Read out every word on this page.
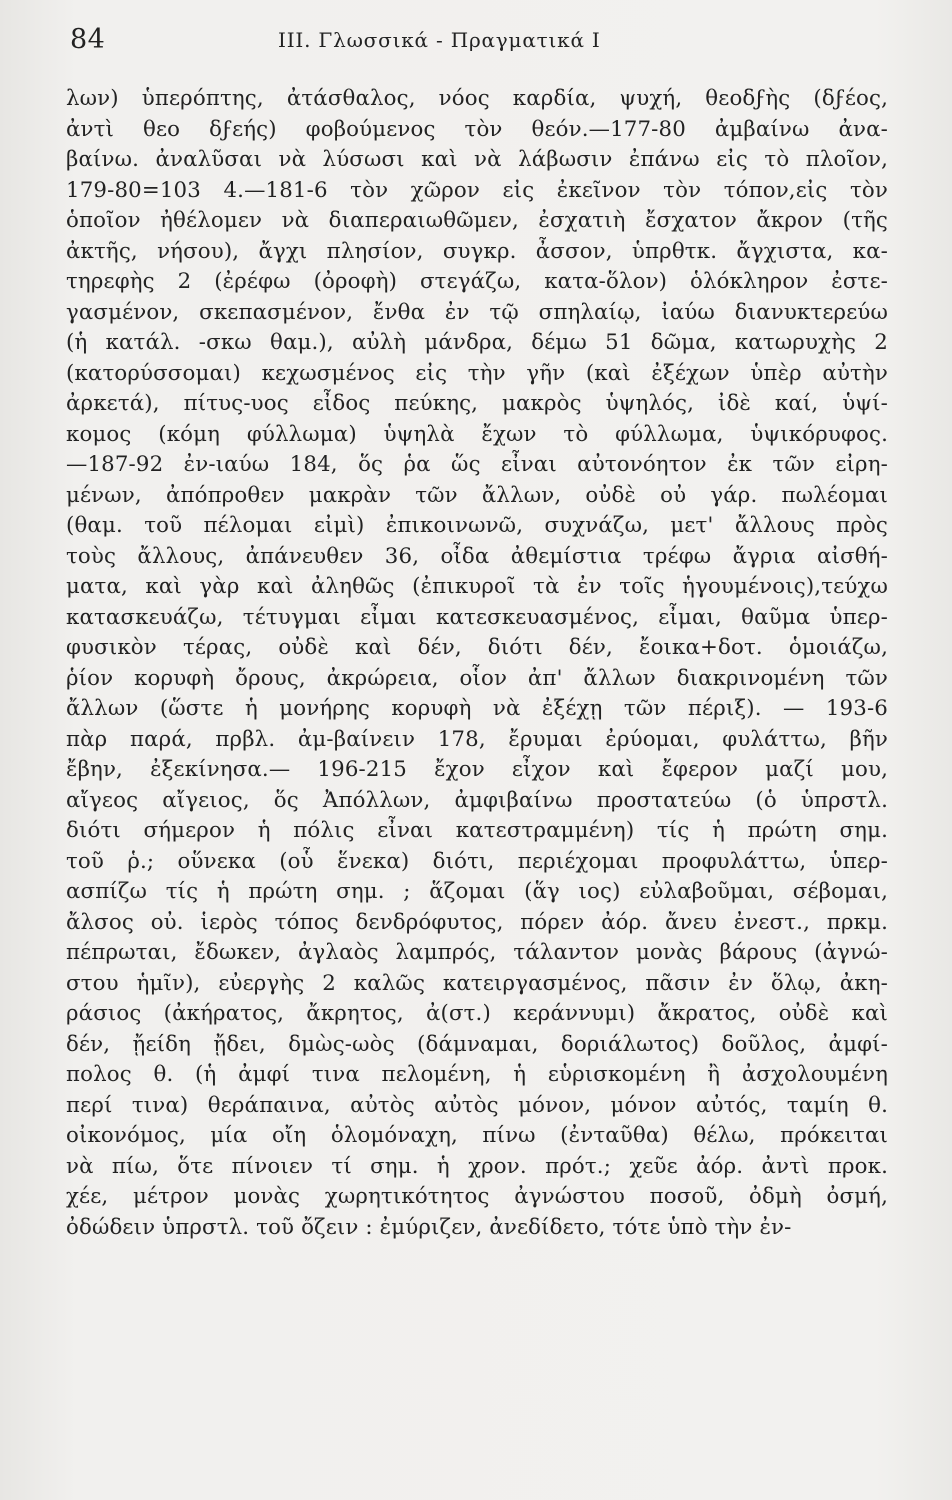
84	III. Γλωσσικά - Πραγματικά I
λων) ὑπερόπτης, ἀτάσθαλος, νόος καρδία, ψυχή, θεοδϝὴς (δϝέος,
ἀντὶ θεο δϝεής) φοβούμενος τὸν θεόν.—177-80 ἀμβαίνω ἀνα-
βαίνω. ἀναλῦσαι νὰ λύσωσι καὶ νὰ λάβωσιν ἐπάνω εἰς τὸ πλοῖον,
179-80=103 4.—181-6 τὸν χῶρον εἰς ἐκεῖνον τὸν τόπον,εἰς τὸν
ὁποῖον ἠθέλομεν νὰ διαπεραιωθῶμεν, ἐσχατιὴ ἔσχατον ἄκρον (τῆς
ἀκτῆς, νήσου), ἄγχι πλησίον, συγκρ. ἆσσον, ὑπρθτκ. ἄγχιστα, κα-
τηρεφὴς 2 (ἐρέφω (ὀροφὴ) στεγάζω, κατα-ὅλον) ὁλόκληρον ἐστε-
γασμένον, σκεπασμένον, ἔνθα ἐν τῷ σπηλαίῳ, ἰαύω διανυκτερεύω
(ἡ κατάλ. -σκω θαμ.), αὐλὴ μάνδρα, δέμω 51 δῶμα, κατωρυχὴς 2
(κατορύσσομαι) κεχωσμένος εἰς τὴν γῆν (καὶ ἐξέχων ὑπὲρ αὐτὴν
ἀρκετά), πίτυς-υος εἶδος πεύκης, μακρὸς ὑψηλός, ἰδὲ καί, ὑψί-
κομος (κόμη φύλλωμα) ὑψηλὰ ἔχων τὸ φύλλωμα, ὑψικόρυφος.
—187-92 ἐν-ιαύω 184, ὅς ῥα ὥς εἶναι αὐτονόητον ἐκ τῶν εἰρη-
μένων, ἀπόπροθεν μακρὰν τῶν ἄλλων, οὐδὲ οὐ γάρ. πωλέομαι
(θαμ. τοῦ πέλομαι εἰμὶ) ἐπικοινωνῶ, συχνάζω, μετ' ἄλλους πρὸς
τοὺς ἄλλους, ἀπάνευθεν 36, οἶδα ἀθεμίστια τρέφω ἄγρια αἰσθή-
ματα, καὶ γὰρ καὶ ἀληθῶς (ἐπικυροῖ τὰ ἐν τοῖς ἡγουμένοις),τεύχω
κατασκευάζω, τέτυγμαι εἶμαι κατεσκευασμένος, εἶμαι, θαῦμα ὑπερ-
φυσικὸν τέρας, οὐδὲ καὶ δέν, διότι δέν, ἔοικα+δοτ. ὁμοιάζω,
ῥίον κορυφὴ ὄρους, ἀκρώρεια, οἷον ἀπ' ἄλλων διακρινομένη τῶν
ἄλλων (ὥστε ἡ μονήρης κορυφὴ νὰ ἐξέχῃ τῶν πέριξ). — 193-6
πὰρ παρά, πρβλ. ἀμ-βαίνειν 178, ἔρυμαι ἐρύομαι, φυλάττω, βῆν
ἔβην, ἐξεκίνησα.— 196-215 ἔχον εἶχον καὶ ἔφερον μαζί μου,
αἴγεος αἴγειος, ὅς Ἀπόλλων, ἀμφιβαίνω προστατεύω (ὁ ὑπρστλ.
διότι σήμερον ἡ πόλις εἶναι κατεστραμμένη) τίς ἡ πρώτη σημ.
τοῦ ῥ.; οὕνεκα (οὗ ἕνεκα) διότι, περιέχομαι προφυλάττω, ὑπερ-
ασπίζω τίς ἡ πρώτη σημ. ; ἅζομαι (ἅγ ιος) εὐλαβοῦμαι, σέβομαι,
ἄλσος οὐ. ἱερὸς τόπος δενδρόφυτος, πόρεν ἀόρ. ἄνευ ἐνεστ., πρκμ.
πέπρωται, ἔδωκεν, ἀγλαὸς λαμπρός, τάλαντον μονὰς βάρους (ἀγνώ-
στου ἡμῖν), εὐεργὴς 2 καλῶς κατειργασμένος, πᾶσιν ἐν ὅλῳ, ἀκη-
ράσιος (ἀκήρατος, ἄκρητος, ἀ(στ.) κεράννυμι) ἄκρατος, οὐδὲ καὶ
δέν, ᾔείδη ᾔδει, δμὼς-ωὸς (δάμναμαι, δοριάλωτος) δοῦλος, ἀμφί-
πολος θ. (ἡ ἀμφί τινα πελομένη, ἡ εὑρισκομένη ἢ ἀσχολουμένη
περί τινα) θεράπαινα, αὐτὸς αὐτὸς μόνον, μόνον αὐτός, ταμίη θ.
οἰκονόμος, μία οἴη ὁλομόναχη, πίνω (ἐνταῦθα) θέλω, πρόκειται
νὰ πίω, ὅτε πίνοιεν τί σημ. ἡ χρον. πρότ.; χεῦε ἀόρ. ἀντὶ προκ.
χέε, μέτρον μονὰς χωρητικότητος ἀγνώστου ποσοῦ, ὀδμὴ ὀσμή,
ὀδώδειν ὑπρστλ. τοῦ ὄζειν : ἐμύριζεν, ἀνεδίδετο, τότε ὑπὸ τὴν ἐν-
